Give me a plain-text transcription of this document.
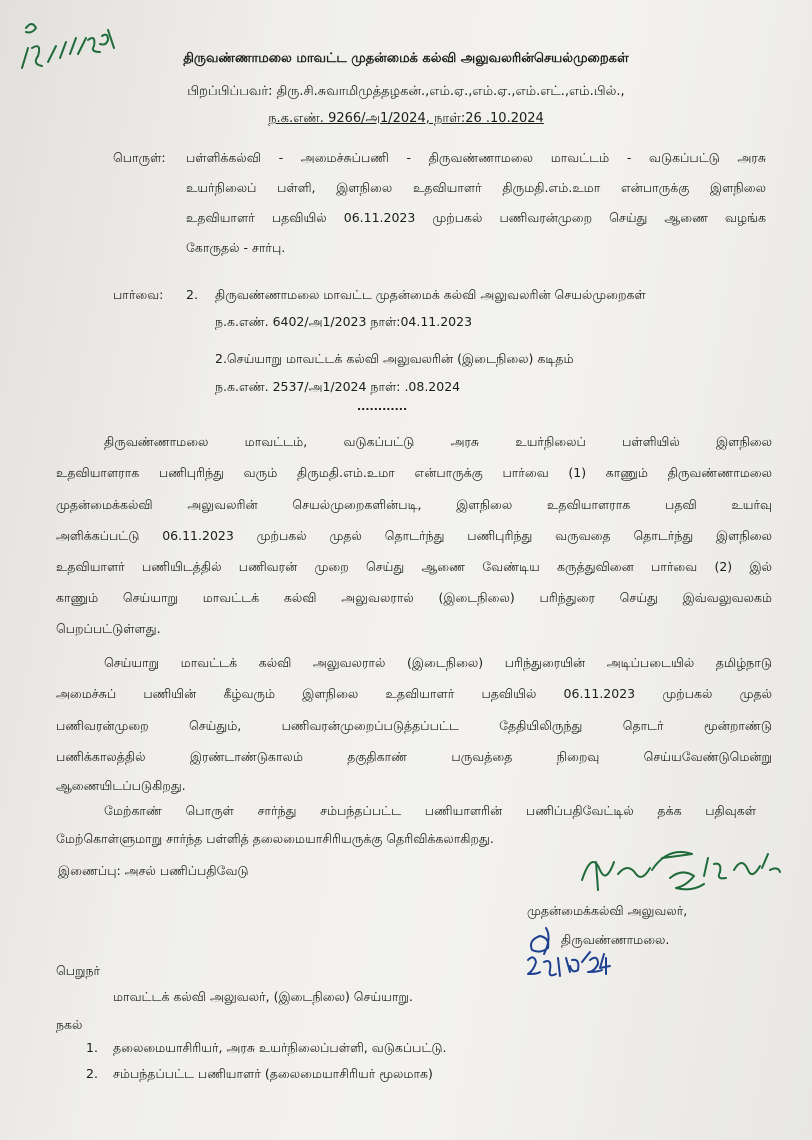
திருவண்ணாமலை மாவட்ட முதன்மைக் கல்வி அலுவலரின்செயல்முறைகள்
பிறப்பிப்பவர்: திரு.சி.சுவாமிமுத்தழகன்.,எம்.ஏ.,எம்.ஏ.,எம்.எட்.,எம்.பில்.,
ந.க.எண். 9266/அ1/2024, நாள்:26 .10.2024
பொருள்: பள்ளிக்கல்வி - அமைச்சுப்பணி - திருவண்ணாமலை மாவட்டம் - வடுகப்பட்டு அரசு
உயர்நிலைப் பள்ளி, இளநிலை உதவியாளர் திருமதி.எம்.உமா என்பாருக்கு இளநிலை
உதவியாளர் பதவியில் 06.11.2023 முற்பகல் பணிவரன்முறை செய்து ஆணை வழங்க
கோருதல் - சார்பு.
பார்வை: 2. திருவண்ணாமலை மாவட்ட முதன்மைக் கல்வி அலுவலரின் செயல்முறைகள்
ந.க.எண். 6402/அ1/2023 நாள்:04.11.2023
2.செய்யாறு மாவட்டக் கல்வி அலுவலரின் (இடைநிலை) கடிதம்
ந.க.எண். 2537/அ1/2024 நாள்: .08.2024
............
திருவண்ணாமலை மாவட்டம், வடுகப்பட்டு அரசு உயர்நிலைப் பள்ளியில் இளநிலை
உதவியாளராக பணிபுரிந்து வரும் திருமதி.எம்.உமா என்பாருக்கு பார்வை (1) காணும் திருவண்ணாமலை
முதன்மைக்கல்வி அலுவலரின் செயல்முறைகளின்படி, இளநிலை உதவியாளராக பதவி உயர்வு
அளிக்கப்பட்டு 06.11.2023 முற்பகல் முதல் தொடர்ந்து பணிபுரிந்து வருவதை தொடர்ந்து இளநிலை
உதவியாளர் பணியிடத்தில் பணிவரன் முறை செய்து ஆணை வேண்டிய கருத்துவினை பார்வை (2) இல்
காணும் செய்யாறு மாவட்டக் கல்வி அலுவலரால் (இடைநிலை) பரிந்துரை செய்து இவ்வலுவலகம்
பெறப்பட்டுள்ளது.
செய்யாறு மாவட்டக் கல்வி அலுவலரால் (இடைநிலை) பரிந்துரையின் அடிப்படையில் தமிழ்நாடு
அமைச்சுப் பணியின் கீழ்வரும் இளநிலை உதவியாளர் பதவியில் 06.11.2023 முற்பகல் முதல்
பணிவரன்முறை செய்தும், பணிவரன்முறைப்படுத்தப்பட்ட தேதியிலிருந்து தொடர் மூன்றாண்டு
பணிக்காலத்தில் இரண்டாண்டுகாலம் தகுதிகாண் பருவத்தை நிறைவு செய்யவேண்டுமென்று
ஆணையிடப்படுகிறது.
மேற்காண் பொருள் சார்ந்து சம்பந்தப்பட்ட பணியாளரின் பணிப்பதிவேட்டில் தக்க பதிவுகள்
மேற்கொள்ளுமாறு சார்ந்த பள்ளித் தலைமையாசிரியருக்கு தெரிவிக்கலாகிறது.
இணைப்பு: அசல் பணிப்பதிவேடு
முதன்மைக்கல்வி அலுவலர்,
திருவண்ணாமலை.
பெறுநர்
மாவட்டக் கல்வி அலுவலர், (இடைநிலை) செய்யாறு.
நகல்
1. தலைமையாசிரியர், அரசு உயர்நிலைப்பள்ளி, வடுகப்பட்டு.
2. சம்பந்தப்பட்ட பணியாளர் (தலைமையாசிரியர் மூலமாக)
